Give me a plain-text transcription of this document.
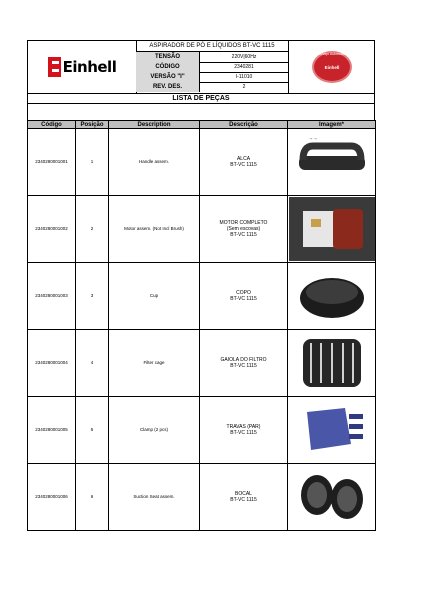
Einhell
ASPIRADOR DE PÓ E LÍQUIDOS BT-VC 1115
TENSÃO	220V|60Hz
CÓDIGO	2340281
VERSÃO "I"	I-11010
REV. DES.	2
Serviço Autorizado
Einhell
LISTA DE PEÇAS
Código	Posição	Description	Descrição	Imagem*
2340280001001	1	Handle assem.	ALCA
BT-VC 1115	⊸ ⊸

2340280001002	2	Motor assem. (Not Incl Brush)	MOTOR COMPLETO
(Sem escovas)
BT-VC 1115

2340280001003	3	Cup	COPO
BT-VC 1115

2340280001004	4	Filter cage	GAIOLA DO FILTRO
BT-VC 1115

2340280001005	5	Clamp (2 pcs)	TRAVAS (PAR)
BT-VC 1115

2340280001006	6	Suction Seat assem.	BOCAL
BT-VC 1115
